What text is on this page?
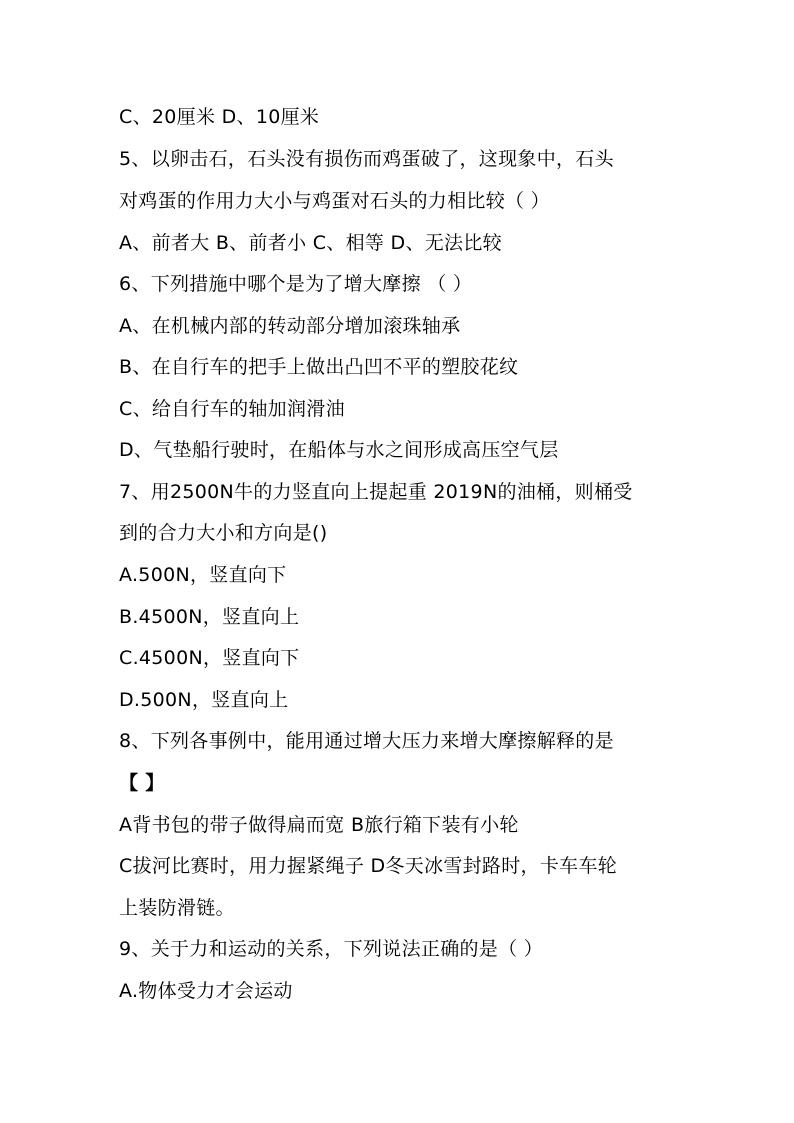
C、20厘米 D、10厘米
5、以卵击石，石头没有损伤而鸡蛋破了，这现象中，石头
对鸡蛋的作用力大小与鸡蛋对石头的力相比较（ ）
A、前者大 B、前者小 C、相等 D、无法比较
6、下列措施中哪个是为了增大摩擦 （ ）
A、在机械内部的转动部分增加滚珠轴承
B、在自行车的把手上做出凸凹不平的塑胶花纹
C、给自行车的轴加润滑油
D、气垫船行驶时，在船体与水之间形成高压空气层
7、用2500N牛的力竖直向上提起重 2019N的油桶，则桶受
到的合力大小和方向是()
A.500N，竖直向下
B.4500N，竖直向上
C.4500N，竖直向下
D.500N，竖直向上
8、下列各事例中，能用通过增大压力来增大摩擦解释的是
【 】
A背书包的带子做得扁而宽 B旅行箱下装有小轮
C拔河比赛时，用力握紧绳子 D冬天冰雪封路时，卡车车轮
上装防滑链。
9、关于力和运动的关系，下列说法正确的是（ ）
A.物体受力才会运动
